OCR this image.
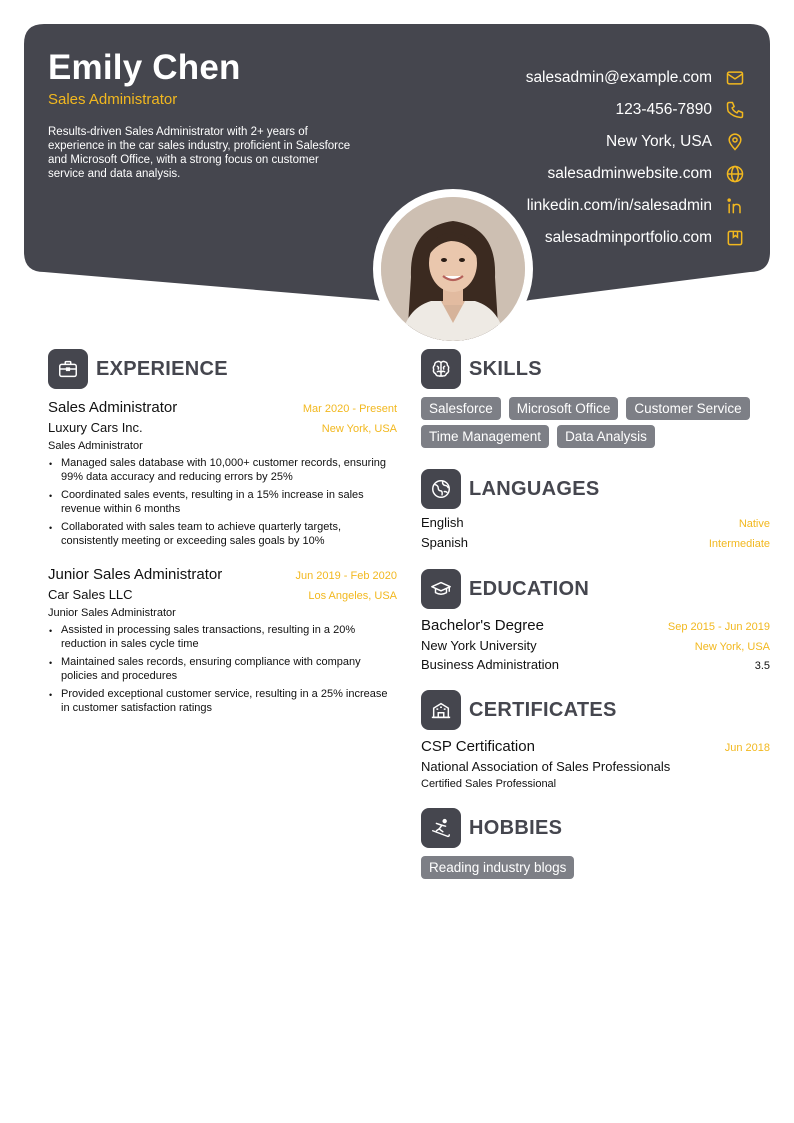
Emily Chen
Sales Administrator
Results-driven Sales Administrator with 2+ years of experience in the car sales industry, proficient in Salesforce and Microsoft Office, with a strong focus on customer service and data analysis.
salesadmin@example.com
123-456-7890
New York, USA
salesadminwebsite.com
linkedin.com/in/salesadmin
salesadminportfolio.com
EXPERIENCE
Sales Administrator	Mar 2020 - Present
Luxury Cars Inc.	New York, USA
Sales Administrator
• Managed sales database with 10,000+ customer records, ensuring 99% data accuracy and reducing errors by 25%
• Coordinated sales events, resulting in a 15% increase in sales revenue within 6 months
• Collaborated with sales team to achieve quarterly targets, consistently meeting or exceeding sales goals by 10%
Junior Sales Administrator	Jun 2019 - Feb 2020
Car Sales LLC	Los Angeles, USA
Junior Sales Administrator
• Assisted in processing sales transactions, resulting in a 20% reduction in sales cycle time
• Maintained sales records, ensuring compliance with company policies and procedures
• Provided exceptional customer service, resulting in a 25% increase in customer satisfaction ratings
SKILLS
Salesforce	Microsoft Office	Customer Service
Time Management	Data Analysis
LANGUAGES
English	Native
Spanish	Intermediate
EDUCATION
Bachelor's Degree	Sep 2015 - Jun 2019
New York University	New York, USA
Business Administration	3.5
CERTIFICATES
CSP Certification	Jun 2018
National Association of Sales Professionals
Certified Sales Professional
HOBBIES
Reading industry blogs
